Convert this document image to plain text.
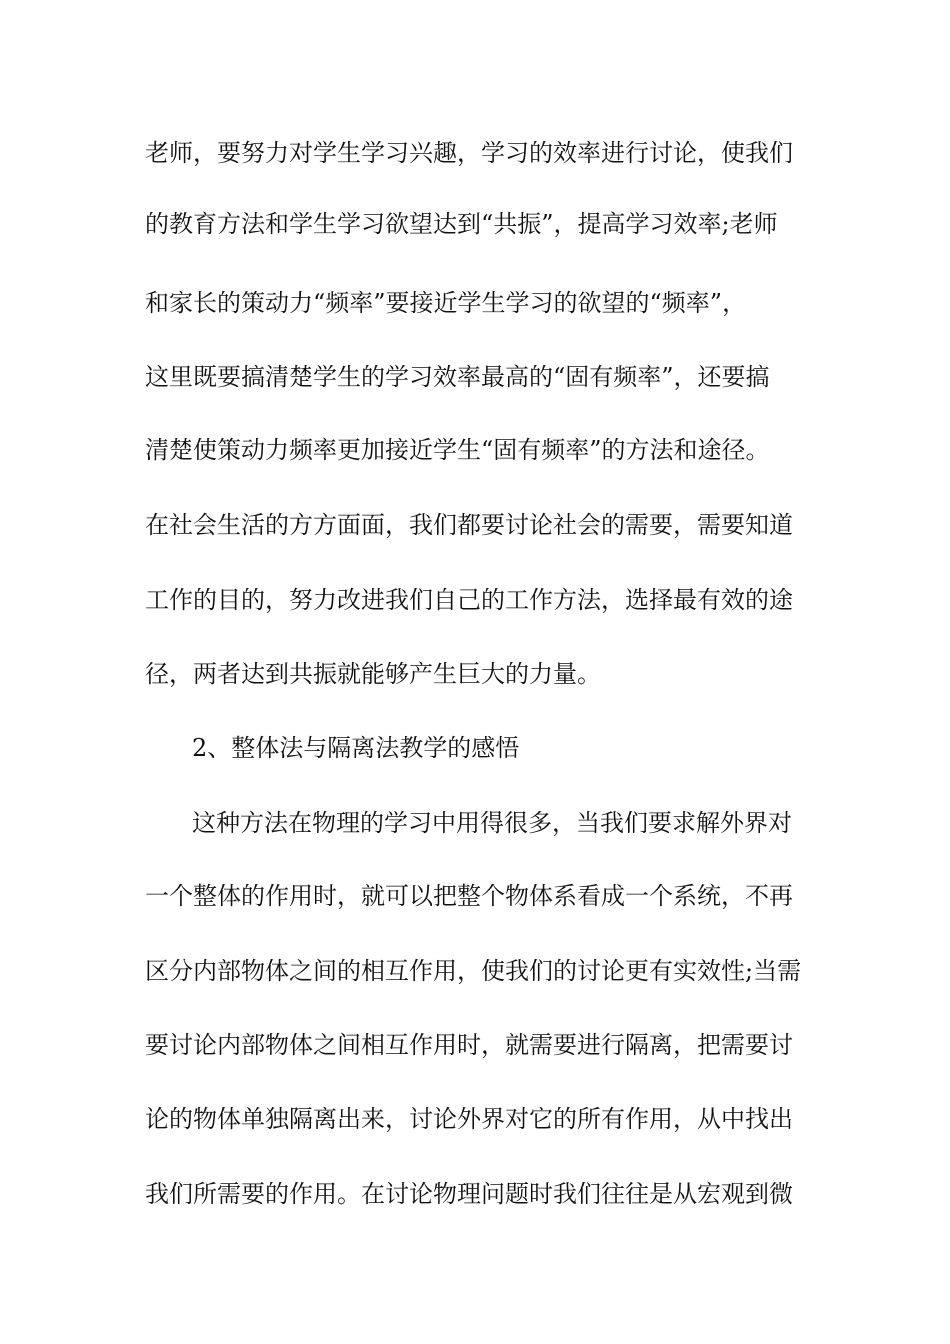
老师，要努力对学生学习兴趣，学习的效率进行讨论，使我们
的教育方法和学生学习欲望达到“共振”，提高学习效率;老师
和家长的策动力“频率”要接近学生学习的欲望的“频率”，
这里既要搞清楚学生的学习效率最高的“固有频率”，还要搞
清楚使策动力频率更加接近学生“固有频率”的方法和途径。
在社会生活的方方面面，我们都要讨论社会的需要，需要知道
工作的目的，努力改进我们自己的工作方法，选择最有效的途
径，两者达到共振就能够产生巨大的力量。
2、整体法与隔离法教学的感悟
这种方法在物理的学习中用得很多，当我们要求解外界对
一个整体的作用时，就可以把整个物体系看成一个系统，不再
区分内部物体之间的相互作用，使我们的讨论更有实效性;当需
要讨论内部物体之间相互作用时，就需要进行隔离，把需要讨
论的物体单独隔离出来，讨论外界对它的所有作用，从中找出
我们所需要的作用。在讨论物理问题时我们往往是从宏观到微
